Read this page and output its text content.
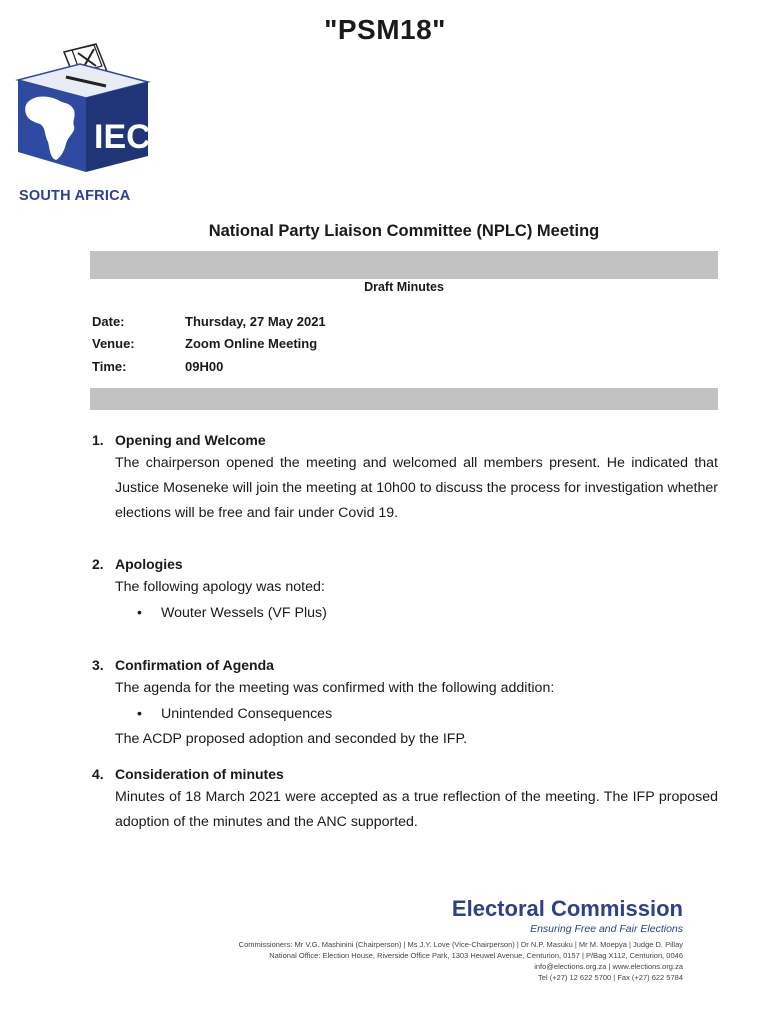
"PSM18"
IEC
SOUTH AFRICA
National Party Liaison Committee (NPLC) Meeting
Draft Minutes
Date:	Thursday, 27 May 2021
Venue:	Zoom Online Meeting
Time:	09H00
1. Opening and Welcome

The chairperson opened the meeting and welcomed all members present. He indicated that Justice Moseneke will join the meeting at 10h00 to discuss the process for investigation whether elections will be free and fair under Covid 19.

2. Apologies

The following apology was noted:

•	Wouter Wessels (VF Plus)
3. Confirmation of Agenda

The agenda for the meeting was confirmed with the following addition:

•	Unintended Consequences

The ACDP proposed adoption and seconded by the IFP.

4. Consideration of minutes

Minutes of 18 March 2021 were accepted as a true reflection of the meeting. The IFP proposed adoption of the minutes and the ANC supported.

Electoral Commission
Ensuring Free and Fair Elections
Commissioners: Mr V.G. Mashinini (Chairperson) | Ms J.Y. Love (Vice-Chairperson) | Dr N.P. Masuku | Mr M. Moepya | Judge D. Pillay
National Office: Election House, Riverside Office Park, 1303 Heuwel Avenue, Centurion, 0157 | P/Bag X112, Centurion, 0046
info@elections.org.za | www.elections.org.za
Tel (+27) 12 622 5700 | Fax (+27) 622 5784
